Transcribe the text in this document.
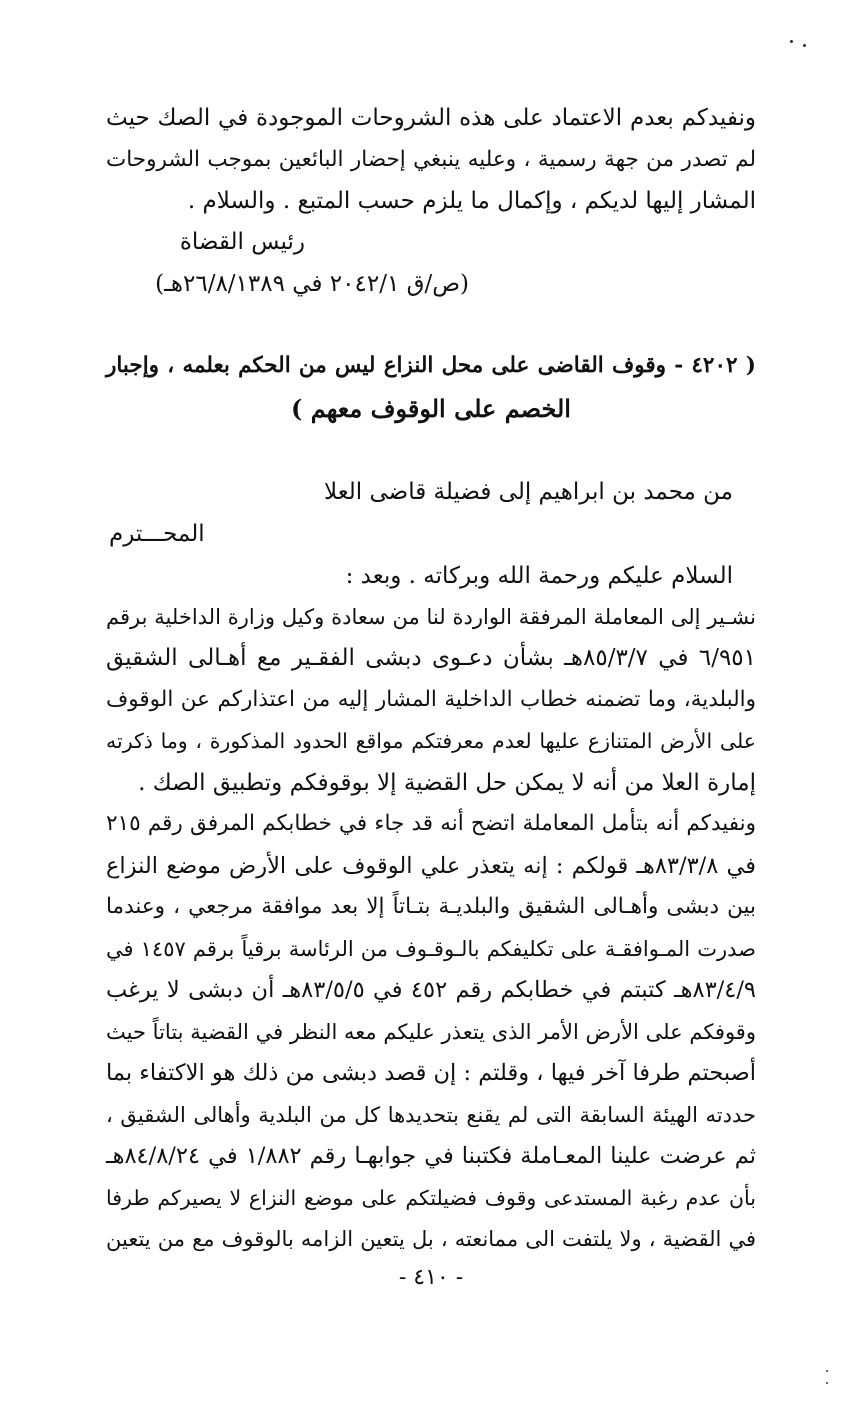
ونفيدكم بعدم الاعتماد على هذه الشروحات الموجودة في الصك حيث
لم تصدر من جهة رسمية ، وعليه ينبغي إحضار البائعين بموجب الشروحات
المشار إليها لديكم ، وإكمال ما يلزم حسب المتبع . والسلام .
رئيس القضاة
(ص/ق ٢٠٤٢/١ في ٢٦/٨/١٣٨٩هـ)
( ٤٢٠٢ - وقوف القاضى على محل النزاع ليس من الحكم بعلمه ، وإجبار
الخصم على الوقوف معهم )
من محمد بن ابراهيم إلى فضيلة قاضى العلا
المحـــترم
السلام عليكم ورحمة الله وبركاته . وبعد :
نشـير إلى المعاملة المرفقة الواردة لنا من سعادة وكيل وزارة الداخلية برقم
٦/٩٥١ في ٨٥/٣/٧هـ بشأن دعـوى دبشى الفقـير مع أهـالى الشقيق
والبلدية، وما تضمنه خطاب الداخلية المشار إليه من اعتذاركم عن الوقوف
على الأرض المتنازع عليها لعدم معرفتكم مواقع الحدود المذكورة ، وما ذكرته
إمارة العلا من أنه لا يمكن حل القضية إلا بوقوفكم وتطبيق الصك .
ونفيدكم أنه بتأمل المعاملة اتضح أنه قد جاء في خطابكم المرفق رقم ٢١٥
في ٨٣/٣/٨هـ قولكم : إنه يتعذر علي الوقوف على الأرض موضع النزاع
بين دبشى وأهـالى الشقيق والبلديـة بتـاتاً إلا بعد موافقة مرجعي ، وعندما
صدرت المـوافقـة على تكليفكم بالـوقـوف من الرئاسة برقياً برقم ١٤٥٧ في
٨٣/٤/٩هـ كتبتم في خطابكم رقم ٤٥٢ في ٨٣/٥/٥هـ أن دبشى لا يرغب
وقوفكم على الأرض الأمر الذى يتعذر عليكم معه النظر في القضية بتاتاً حيث
أصبحتم طرفا آخر فيها ، وقلتم : إن قصد دبشى من ذلك هو الاكتفاء بما
حددته الهيئة السابقة التى لم يقنع بتحديدها كل من البلدية وأهالى الشقيق ،
ثم عرضت علينا المعـاملة فكتبنا في جوابهـا رقم ١/٨٨٢ في ٨٤/٨/٢٤هـ
بأن عدم رغبة المستدعى وقوف فضيلتكم على موضع النزاع لا يصيركم طرفا
في القضية ، ولا يلتفت الى ممانعته ، بل يتعين الزامه بالوقوف مع من يتعين
- ٤١٠ -
